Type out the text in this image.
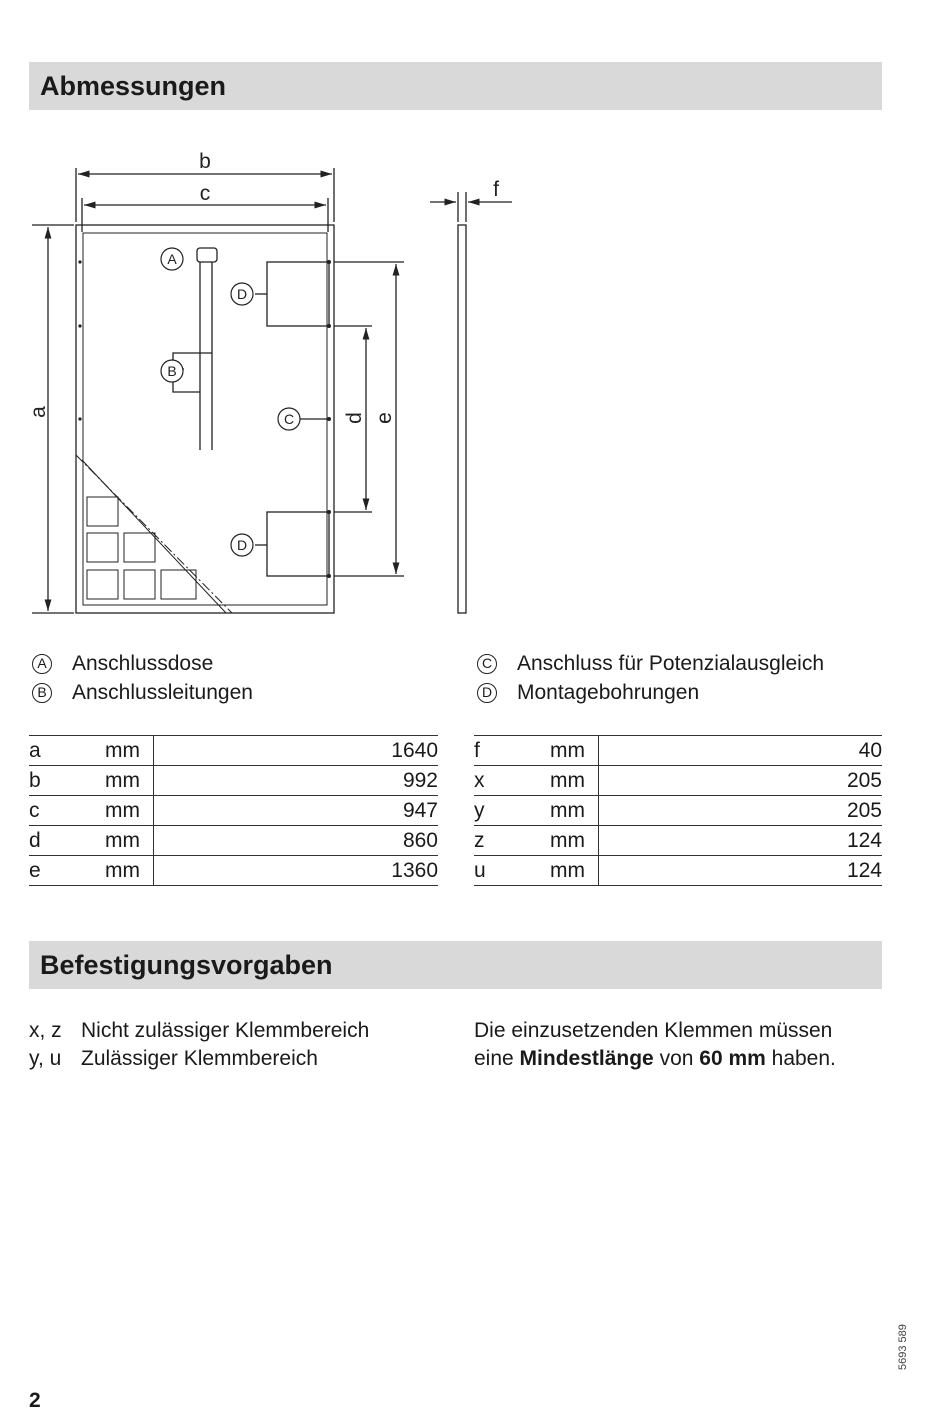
Abmessungen
A
B
C
D
D
b
c	f
a
d e
A Anschlussdose
B Anschlussleitungen
C Anschluss für Potenzialausgleich
D Montagebohrungen
a	mm	1640
b	mm	992
c	mm	947
d	mm	860
e	mm	1360
f	mm	40
x	mm	205
y	mm	205
z	mm	124
u	mm	124
Befestigungsvorgaben
x, z Nicht zulässiger Klemmbereich
y, u Zulässiger Klemmbereich
Die einzusetzenden Klemmen müssen
eine Mindestlänge von 60 mm haben.
5693 589
2
